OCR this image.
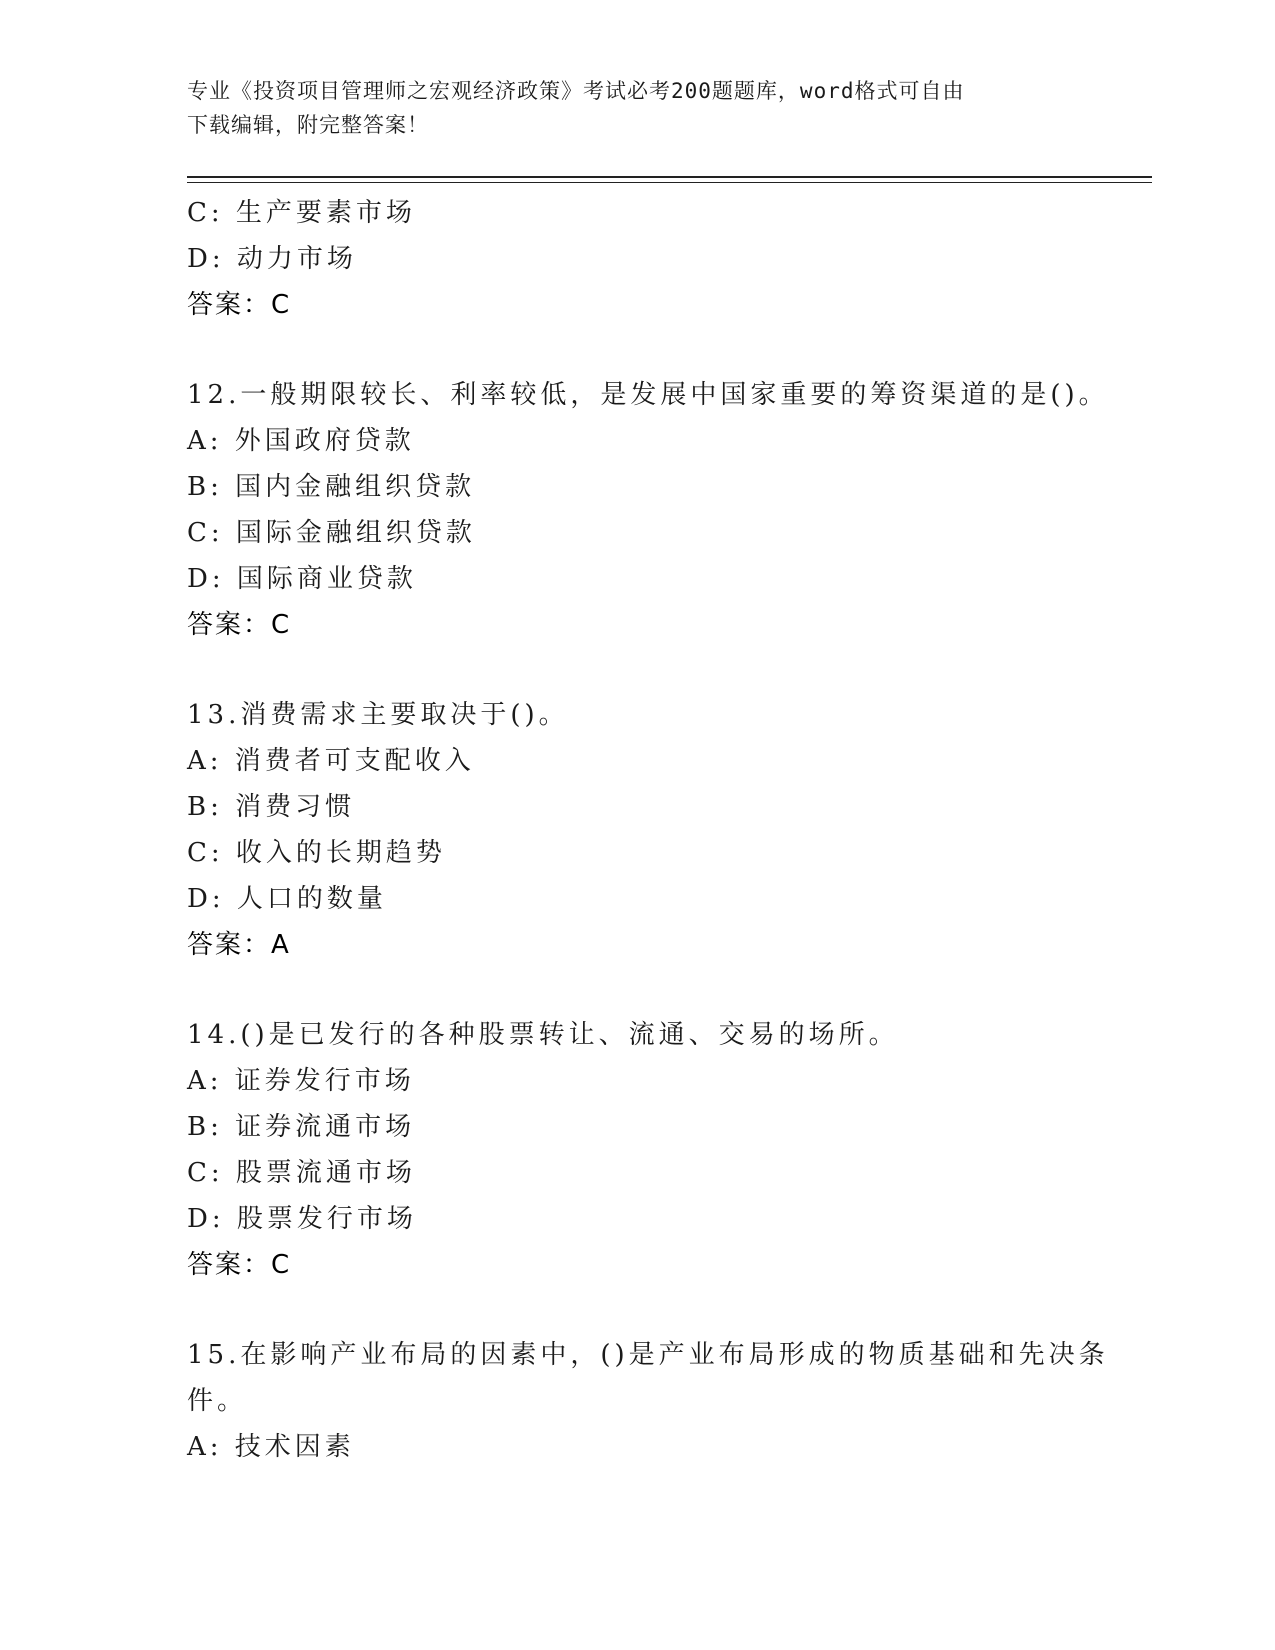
专业《投资项目管理师之宏观经济政策》考试必考200题题库，word格式可自由
下载编辑，附完整答案！
C: 生产要素市场
D: 动力市场
答案：C
12.一般期限较长、利率较低，是发展中国家重要的筹资渠道的是()。
A: 外国政府贷款
B: 国内金融组织贷款
C: 国际金融组织贷款
D: 国际商业贷款
答案：C
13.消费需求主要取决于()。
A: 消费者可支配收入
B: 消费习惯
C: 收入的长期趋势
D: 人口的数量
答案：A
14.()是已发行的各种股票转让、流通、交易的场所。
A: 证券发行市场
B: 证券流通市场
C: 股票流通市场
D: 股票发行市场
答案：C
15.在影响产业布局的因素中，()是产业布局形成的物质基础和先决条
件。
A: 技术因素
